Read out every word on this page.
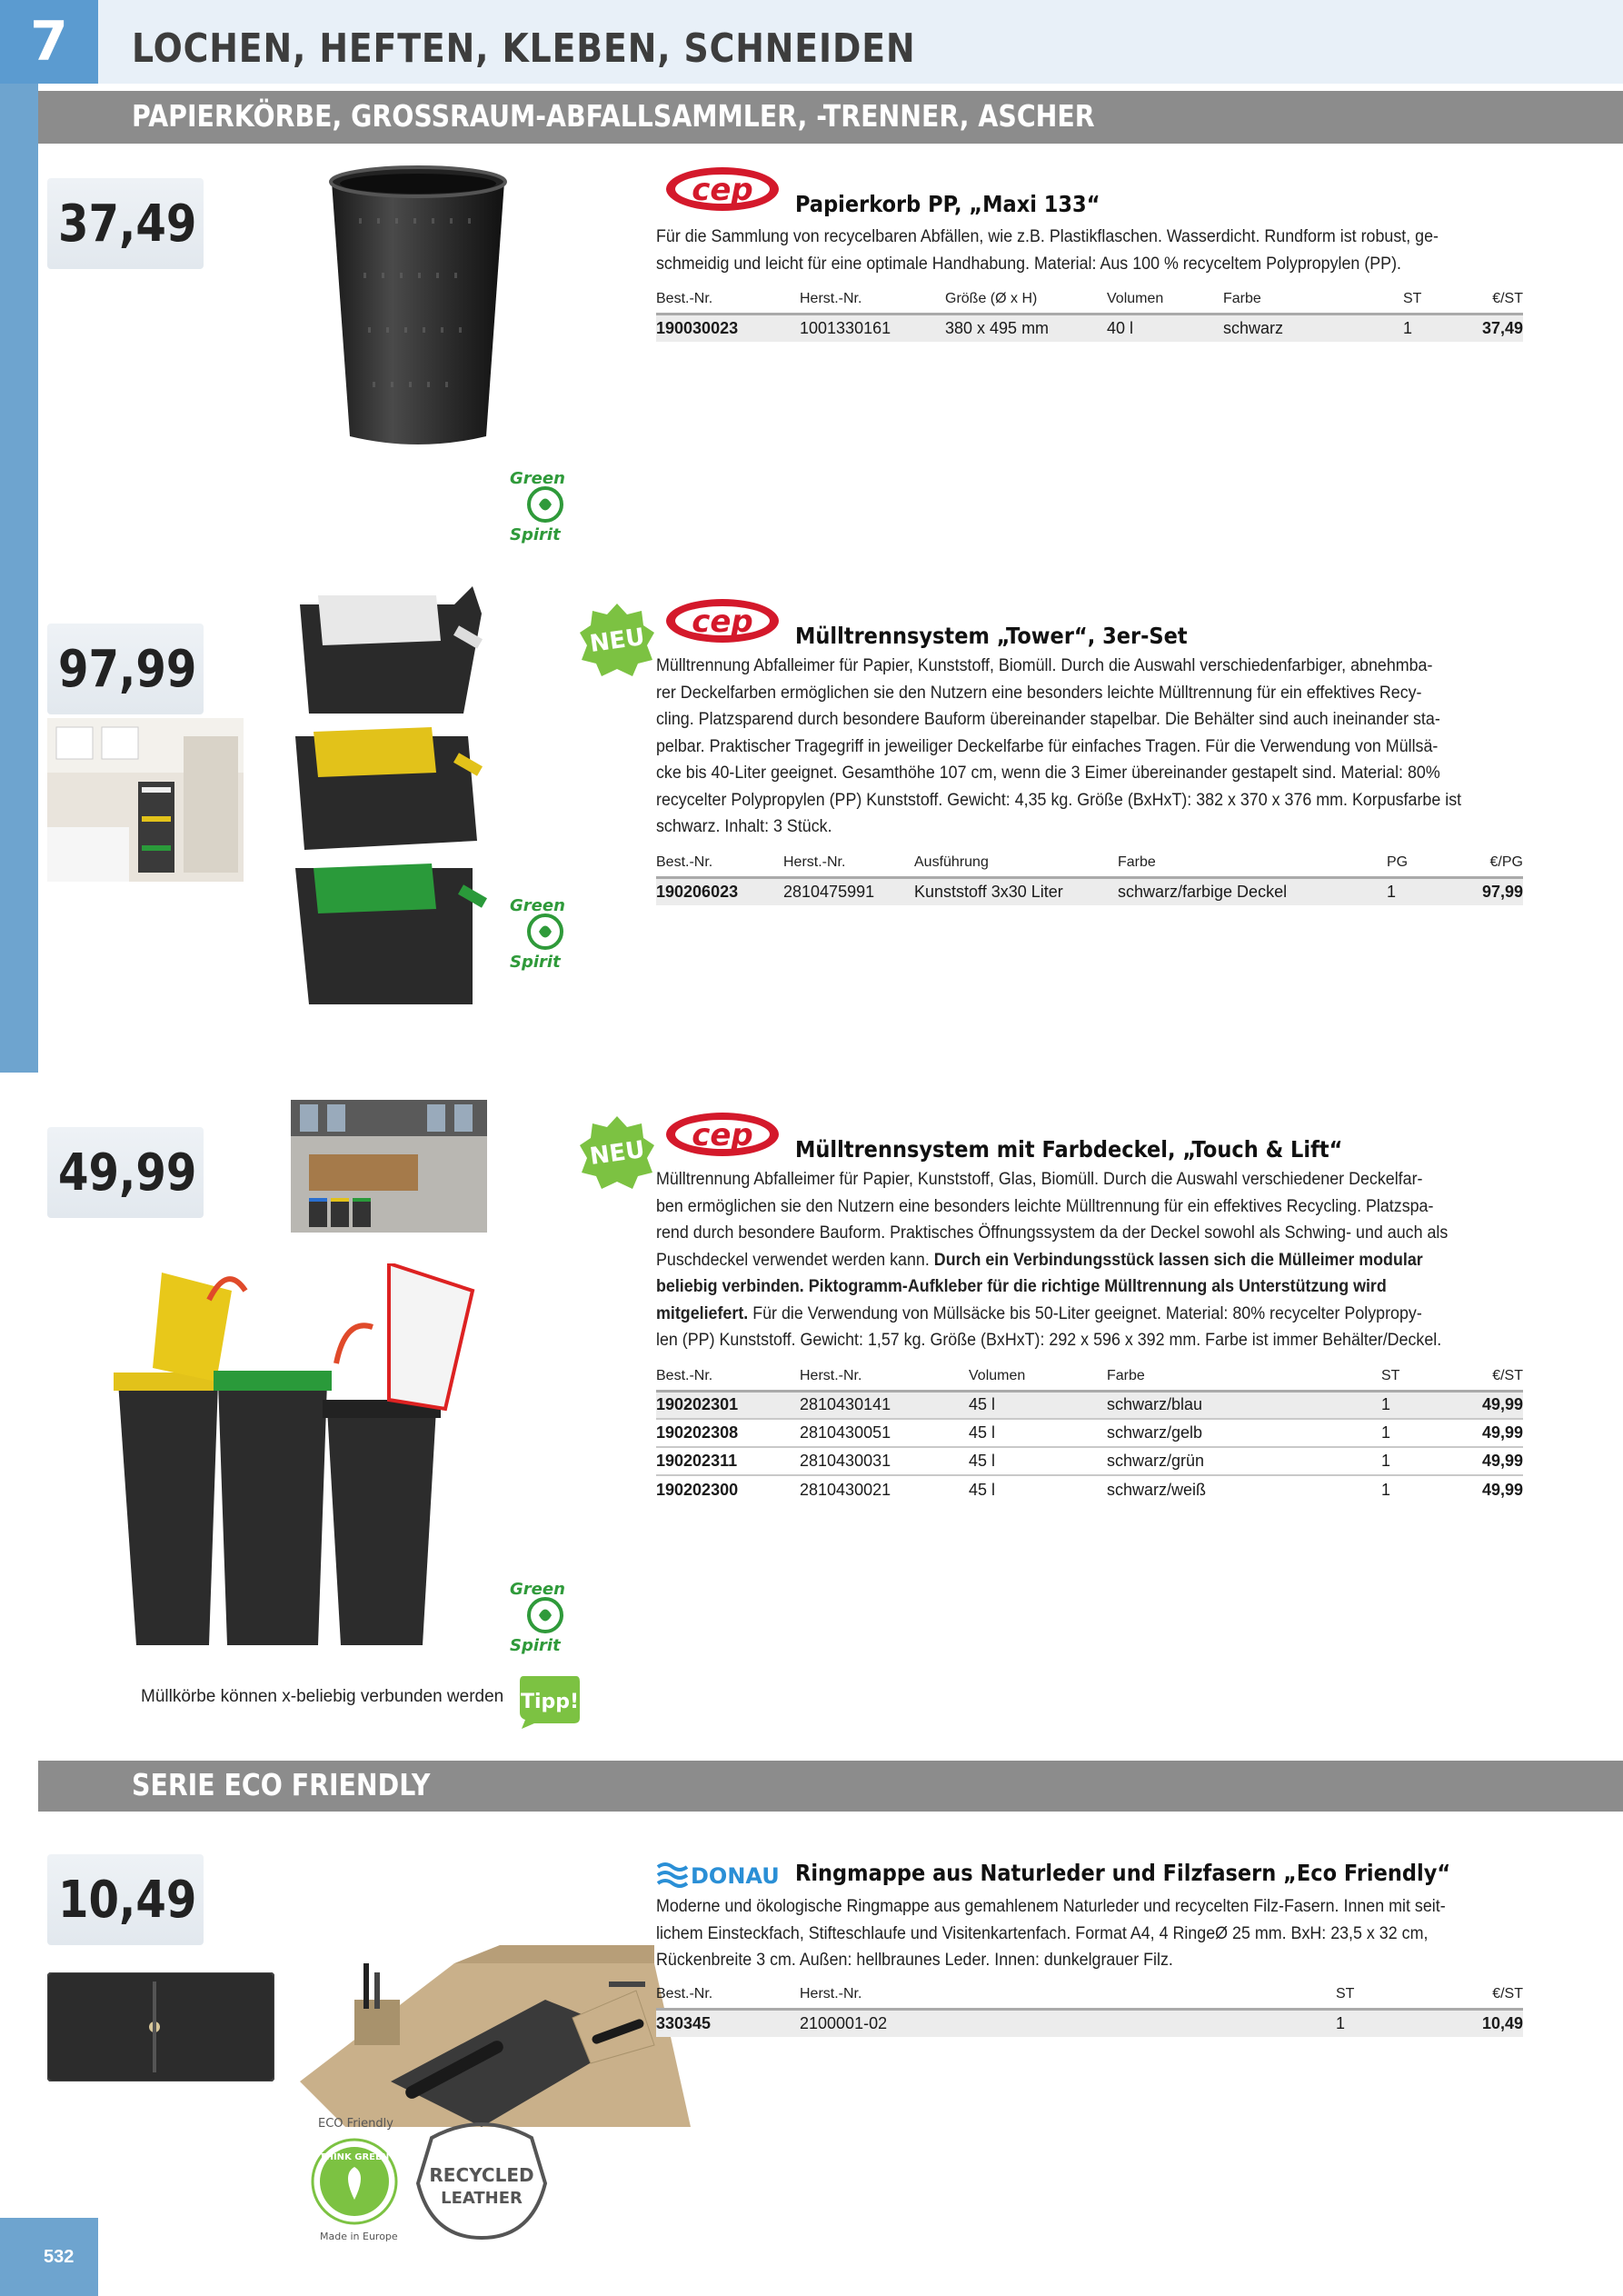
7	LOCHEN, HEFTEN, KLEBEN, SCHNEIDEN
PAPIERKÖRBE, GROSSRAUM-ABFALLSAMMLER, -TRENNER, ASCHER
37,49
Green
Spirit
cep Papierkorb PP, „Maxi 133“
Für die Sammlung von recycelbaren Abfällen, wie z.B. Plastikflaschen. Wasserdicht. Rundform ist robust, ge-
schmeidig und leicht für eine optimale Handhabung. Material: Aus 100 % recyceltem Polypropylen (PP).
Best.-Nr.	Herst.-Nr.	Größe (Ø x H)	Volumen	Farbe	ST	€/ST
190030023	1001330161	380 x 495 mm	40 l	schwarz	1	37,49
97,99	NEU
Green
Spirit
cep Mülltrennsystem „Tower“, 3er-Set
Mülltrennung Abfalleimer für Papier, Kunststoff, Biomüll. Durch die Auswahl verschiedenfarbiger, abnehmba-
rer Deckelfarben ermöglichen sie den Nutzern eine besonders leichte Mülltrennung für ein effektives Recy-
cling. Platzsparend durch besondere Bauform übereinander stapelbar. Die Behälter sind auch ineinander sta-
pelbar. Praktischer Tragegriff in jeweiliger Deckelfarbe für einfaches Tragen. Für die Verwendung von Müllsä-
cke bis 40-Liter geeignet. Gesamthöhe 107 cm, wenn die 3 Eimer übereinander gestapelt sind. Material: 80%
recycelter Polypropylen (PP) Kunststoff. Gewicht: 4,35 kg. Größe (BxHxT): 382 x 370 x 376 mm. Korpusfarbe ist
schwarz. Inhalt: 3 Stück.
Best.-Nr.	Herst.-Nr.	Ausführung	Farbe	PG	€/PG
190206023	2810475991	Kunststoff 3x30 Liter	schwarz/farbige Deckel	1	97,99
49,99	NEU
Green
Spirit
Müllkörbe können x-beliebig verbunden werden Tipp!
cep Mülltrennsystem mit Farbdeckel, „Touch & Lift“
Mülltrennung Abfalleimer für Papier, Kunststoff, Glas, Biomüll. Durch die Auswahl verschiedener Deckelfar-
ben ermöglichen sie den Nutzern eine besonders leichte Mülltrennung für ein effektives Recycling. Platzspa-
rend durch besondere Bauform. Praktisches Öffnungssystem da der Deckel sowohl als Schwing- und auch als
Puschdeckel verwendet werden kann. Durch ein Verbindungsstück lassen sich die Mülleimer modular
beliebig verbinden. Piktogramm-Aufkleber für die richtige Mülltrennung als Unterstützung wird
mitgeliefert. Für die Verwendung von Müllsäcke bis 50-Liter geeignet. Material: 80% recycelter Polypropy-
len (PP) Kunststoff. Gewicht: 1,57 kg. Größe (BxHxT): 292 x 596 x 392 mm. Farbe ist immer Behälter/Deckel.
Best.-Nr.	Herst.-Nr.	Volumen	Farbe	ST	€/ST
190202301	2810430141	45 l	schwarz/blau	1	49,99
190202308	2810430051	45 l	schwarz/gelb	1	49,99
190202311	2810430031	45 l	schwarz/grün	1	49,99
190202300	2810430021	45 l	schwarz/weiß	1	49,99
SERIE ECO FRIENDLY
10,49
ECO Friendly
THINK GREEN
Made in Europe
RECYCLED
LEATHER
DONAU Ringmappe aus Naturleder und Filzfasern „Eco Friendly“
Moderne und ökologische Ringmappe aus gemahlenem Naturleder und recycelten Filz-Fasern. Innen mit seit-
lichem Einsteckfach, Stifteschlaufe und Visitenkartenfach. Format A4, 4 RingeØ 25 mm. BxH: 23,5 x 32 cm,
Rückenbreite 3 cm. Außen: hellbraunes Leder. Innen: dunkelgrauer Filz.
Best.-Nr.	Herst.-Nr.	ST	€/ST
330345	2100001-02	1	10,49
532
